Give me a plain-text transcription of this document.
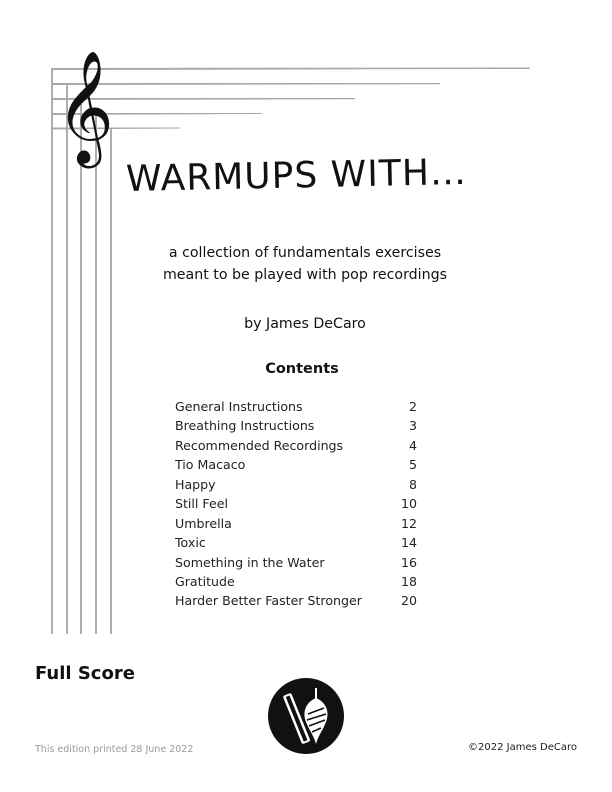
𝄞
WARMUPS WITH…
a collection of fundamentals exercises
meant to be played with pop recordings
by James DeCaro
Contents
General Instructions	2
Breathing Instructions	3
Recommended Recordings	4
Tio Macaco	5
Happy	8
Still Feel	10
Umbrella	12
Toxic	14
Something in the Water	16
Gratitude	18
Harder Better Faster Stronger	20
Full Score
This edition printed 28 June 2022	©2022 James DeCaro
